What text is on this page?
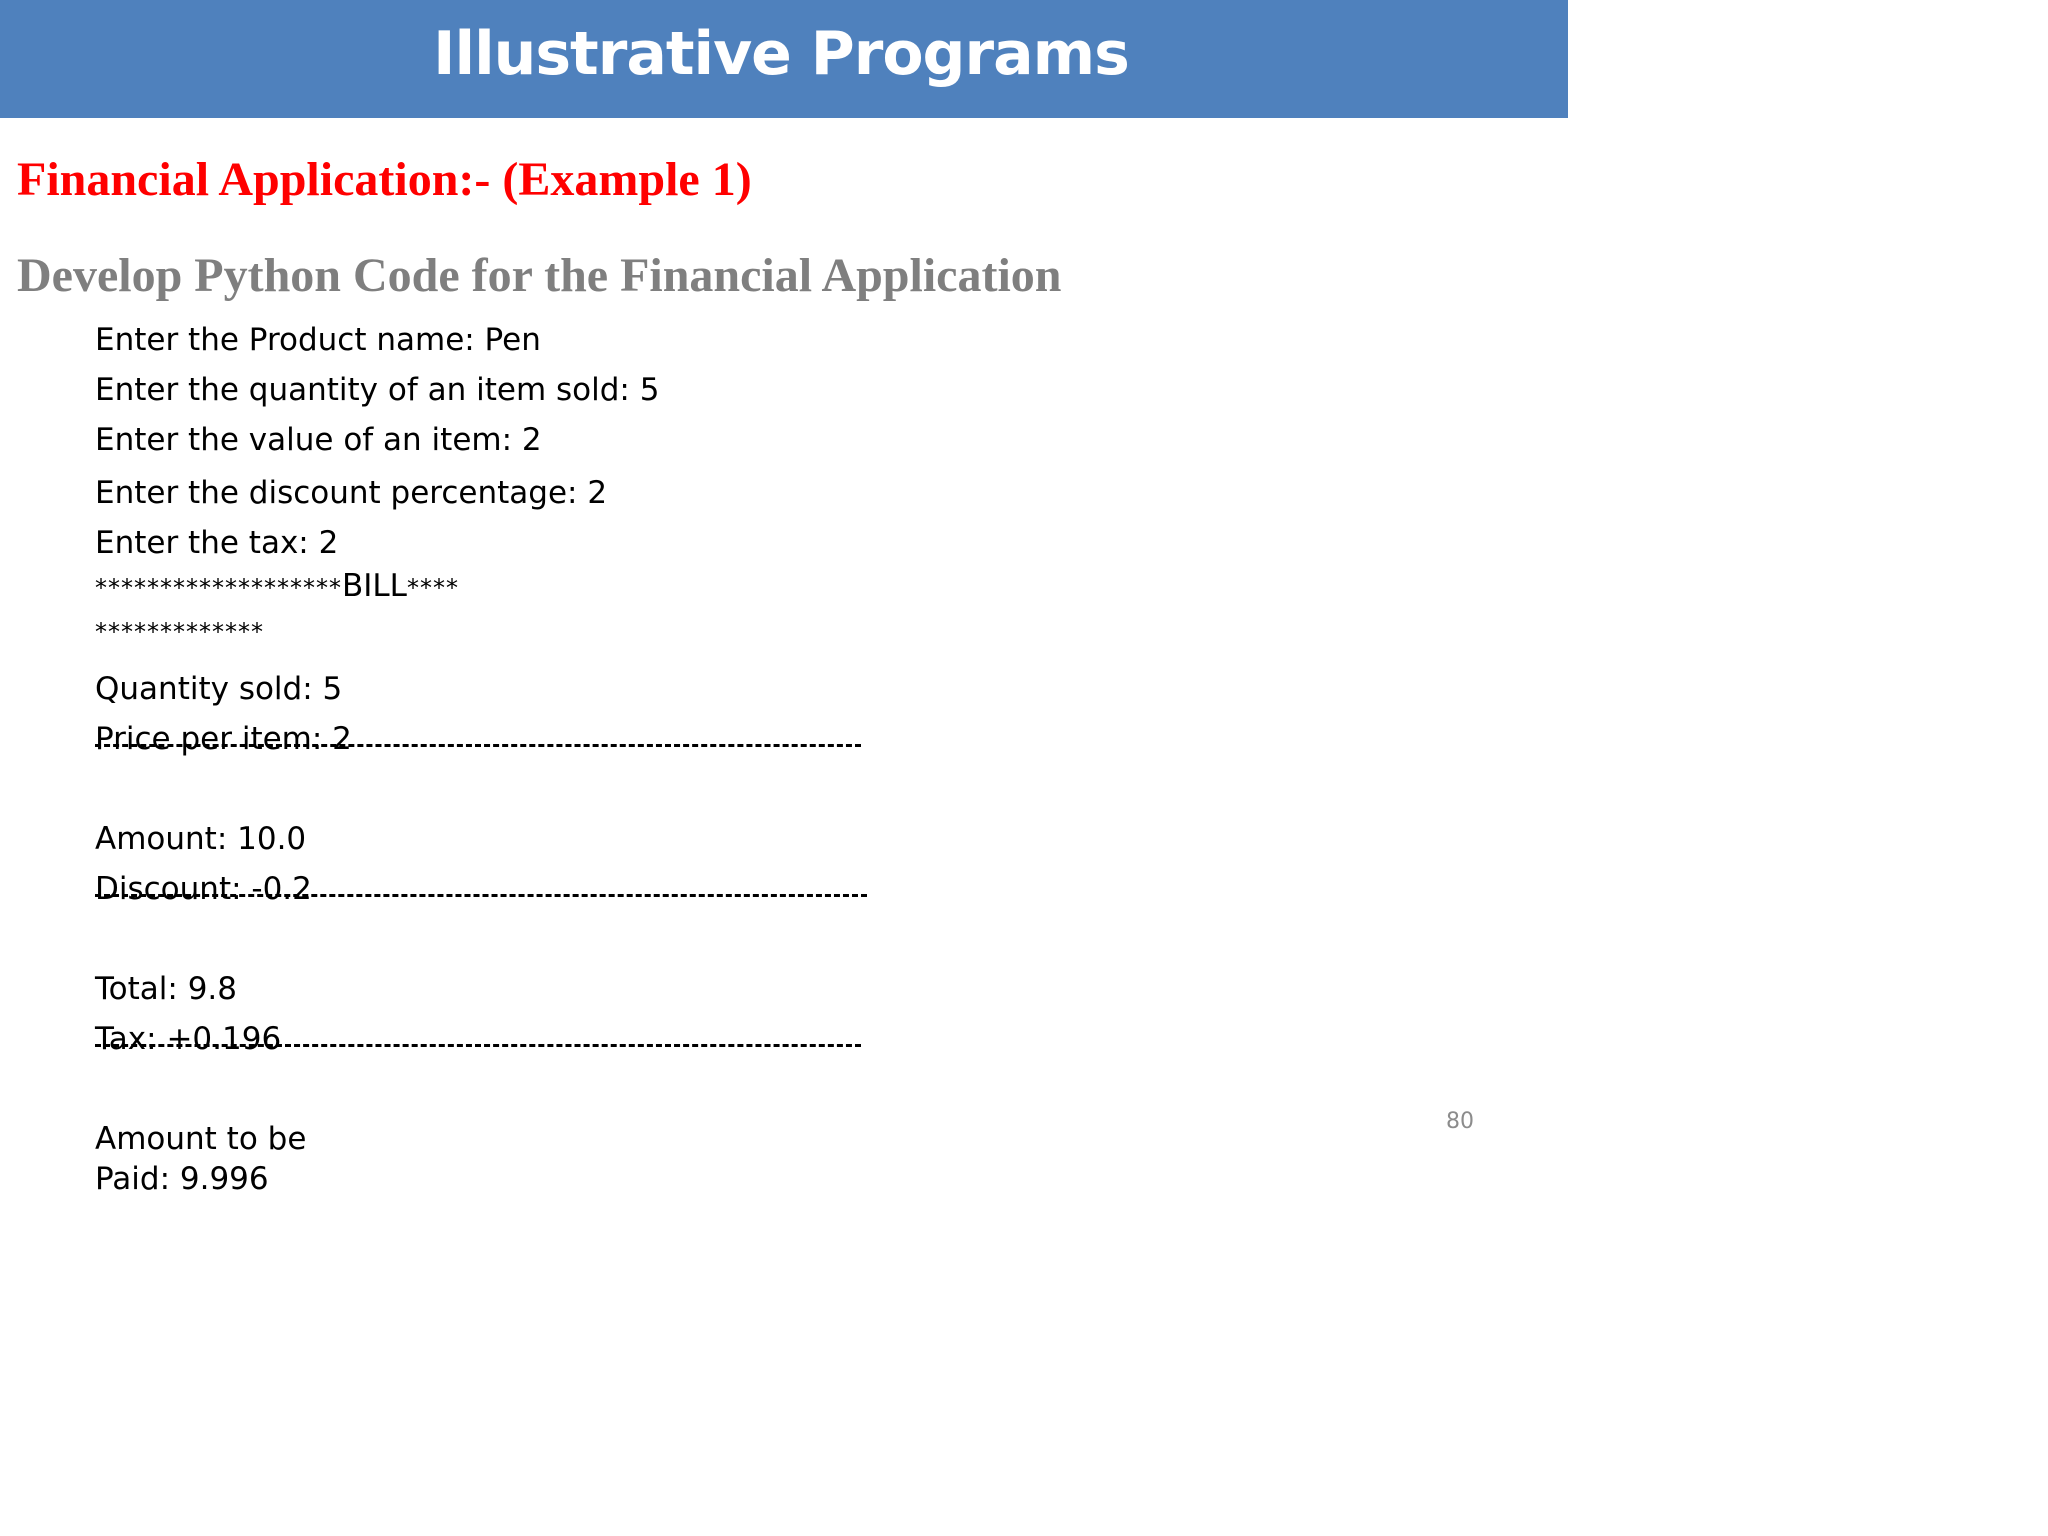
Illustrative Programs
Financial Application:- (Example 1)
Develop Python Code for the Financial Application
Enter the Product name: Pen
Enter the quantity of an item sold: 5
Enter the value of an item: 2
Enter the discount percentage: 2
Enter the tax: 2
*******************BILL****
*************
Quantity sold: 5
Price per item: 2
Amount: 10.0
Discount: -0.2
Total: 9.8
Tax: +0.196
Amount to be
Paid: 9.996
80
